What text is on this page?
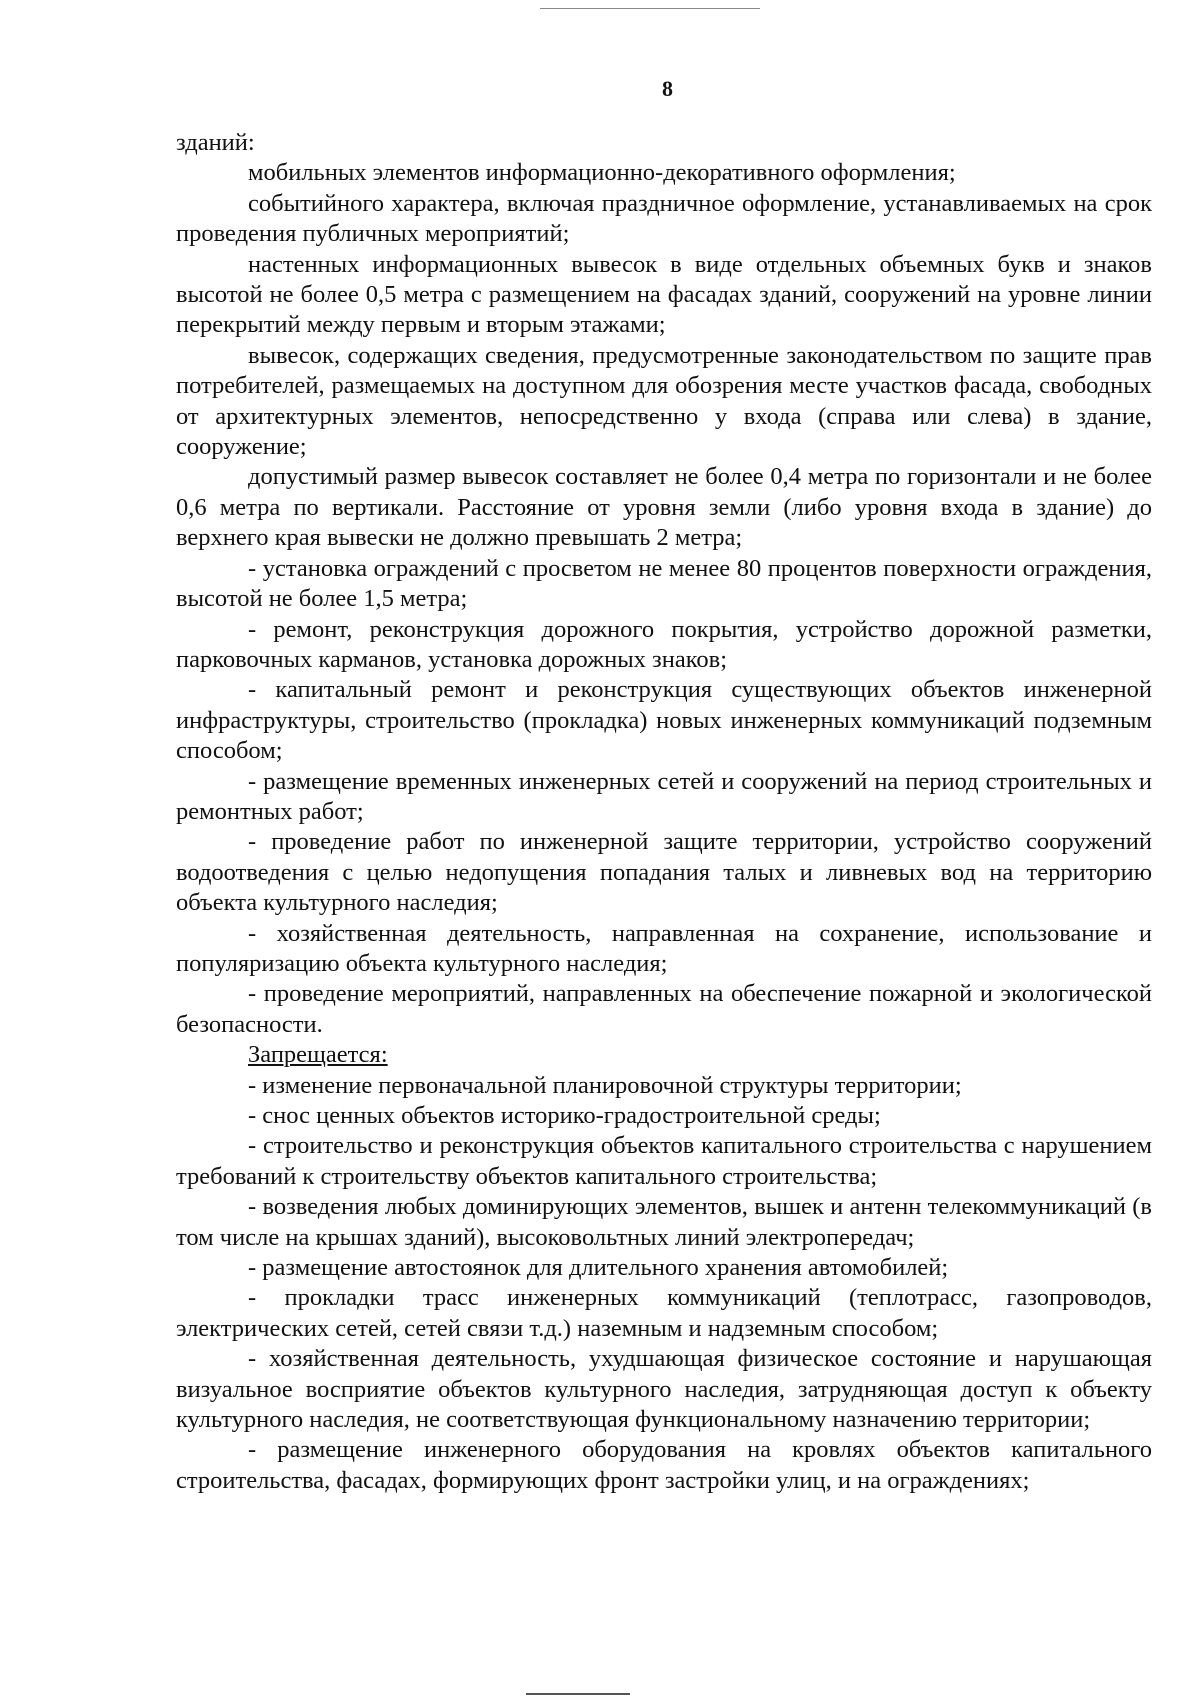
8

зданий:

мобильных элементов информационно-декоративного оформления;

событийного характера, включая праздничное оформление, устанавливаемых на срок проведения публичных мероприятий;

настенных информационных вывесок в виде отдельных объемных букв и знаков высотой не более 0,5 метра с размещением на фасадах зданий, сооружений на уровне линии перекрытий между первым и вторым этажами;

вывесок, содержащих сведения, предусмотренные законодательством по защите прав потребителей, размещаемых на доступном для обозрения месте участков фасада, свободных от архитектурных элементов, непосредственно у входа (справа или слева) в здание, сооружение;

допустимый размер вывесок составляет не более 0,4 метра по горизонтали и не более 0,6 метра по вертикали. Расстояние от уровня земли (либо уровня входа в здание) до верхнего края вывески не должно превышать 2 метра;

- установка ограждений с просветом не менее 80 процентов поверхности ограждения, высотой не более 1,5 метра;

- ремонт, реконструкция дорожного покрытия, устройство дорожной разметки, парковочных карманов, установка дорожных знаков;

- капитальный ремонт и реконструкция существующих объектов инженерной инфраструктуры, строительство (прокладка) новых инженерных коммуникаций подземным способом;

- размещение временных инженерных сетей и сооружений на период строительных и ремонтных работ;

- проведение работ по инженерной защите территории, устройство сооружений водоотведения с целью недопущения попадания талых и ливневых вод на территорию объекта культурного наследия;

- хозяйственная деятельность, направленная на сохранение, использование и популяризацию объекта культурного наследия;

- проведение мероприятий, направленных на обеспечение пожарной и экологической безопасности.

Запрещается:

- изменение первоначальной планировочной структуры территории;

- снос ценных объектов историко-градостроительной среды;

- строительство и реконструкция объектов капитального строительства с нарушением требований к строительству объектов капитального строительства;

- возведения любых доминирующих элементов, вышек и антенн телекоммуникаций (в том числе на крышах зданий), высоковольтных линий электропередач;

- размещение автостоянок для длительного хранения автомобилей;

- прокладки трасс инженерных коммуникаций (теплотрасс, газопроводов, электрических сетей, сетей связи т.д.) наземным и надземным способом;

- хозяйственная деятельность, ухудшающая физическое состояние и нарушающая визуальное восприятие объектов культурного наследия, затрудняющая доступ к объекту культурного наследия, не соответствующая функциональному назначению территории;

- размещение инженерного оборудования на кровлях объектов капитального строительства, фасадах, формирующих фронт застройки улиц, и на ограждениях;
